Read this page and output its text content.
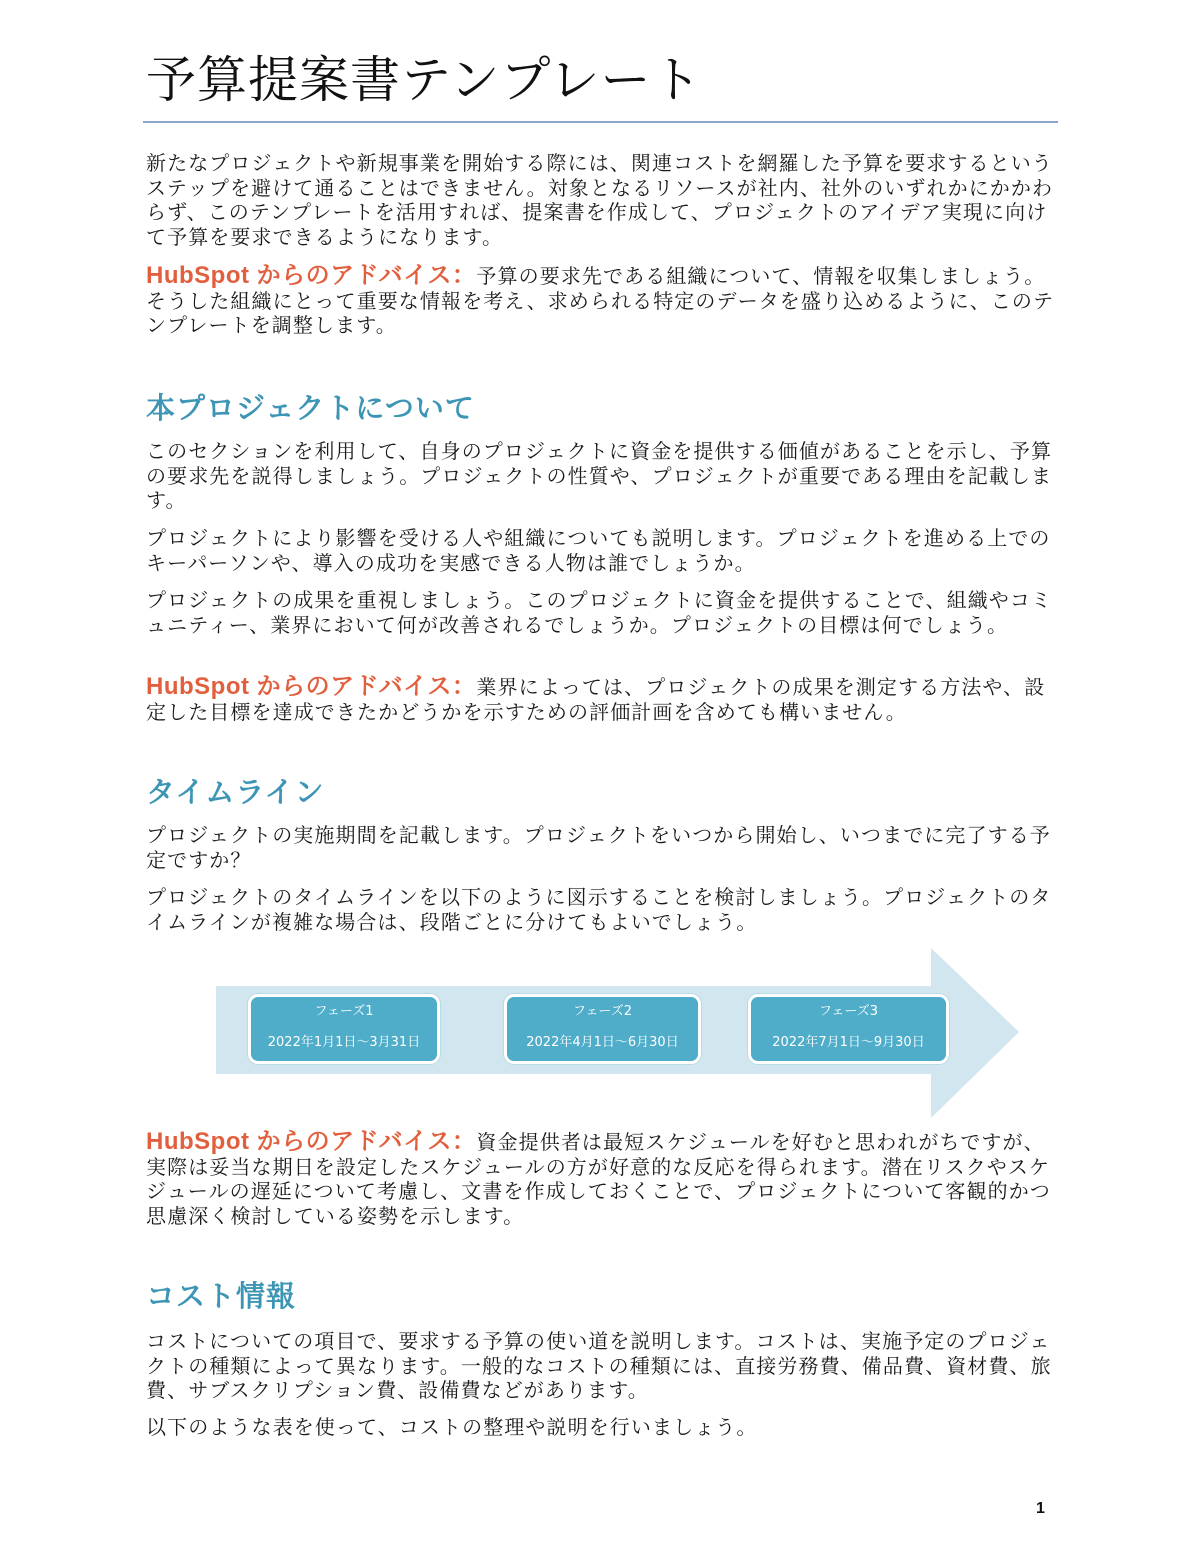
予算提案書テンプレート

新たなプロジェクトや新規事業を開始する際には、関連コストを網羅した予算を要求するというステップを避けて通ることはできません。対象となるリソースが社内、社外のいずれかにかかわらず、このテンプレートを活用すれば、提案書を作成して、プロジェクトのアイデア実現に向けて予算を要求できるようになります。

HubSpot からのアドバイス：予算の要求先である組織について、情報を収集しましょう。そうした組織にとって重要な情報を考え、求められる特定のデータを盛り込めるように、このテンプレートを調整します。

本プロジェクトについて

このセクションを利用して、自身のプロジェクトに資金を提供する価値があることを示し、予算の要求先を説得しましょう。プロジェクトの性質や、プロジェクトが重要である理由を記載します。

プロジェクトにより影響を受ける人や組織についても説明します。プロジェクトを進める上でのキーパーソンや、導入の成功を実感できる人物は誰でしょうか。

プロジェクトの成果を重視しましょう。このプロジェクトに資金を提供することで、組織やコミュニティー、業界において何が改善されるでしょうか。プロジェクトの目標は何でしょう。

HubSpot からのアドバイス：業界によっては、プロジェクトの成果を測定する方法や、設定した目標を達成できたかどうかを示すための評価計画を含めても構いません。

タイムライン

プロジェクトの実施期間を記載します。プロジェクトをいつから開始し、いつまでに完了する予定ですか？

プロジェクトのタイムラインを以下のように図示することを検討しましょう。プロジェクトのタイムラインが複雑な場合は、段階ごとに分けてもよいでしょう。

フェーズ1
2022年1月1日～3月31日
フェーズ2
2022年4月1日～6月30日
フェーズ3
2022年7月1日～9月30日

HubSpot からのアドバイス：資金提供者は最短スケジュールを好むと思われがちですが、実際は妥当な期日を設定したスケジュールの方が好意的な反応を得られます。潜在リスクやスケジュールの遅延について考慮し、文書を作成しておくことで、プロジェクトについて客観的かつ思慮深く検討している姿勢を示します。

コスト情報

コストについての項目で、要求する予算の使い道を説明します。コストは、実施予定のプロジェクトの種類によって異なります。一般的なコストの種類には、直接労務費、備品費、資材費、旅費、サブスクリプション費、設備費などがあります。

以下のような表を使って、コストの整理や説明を行いましょう。

1
